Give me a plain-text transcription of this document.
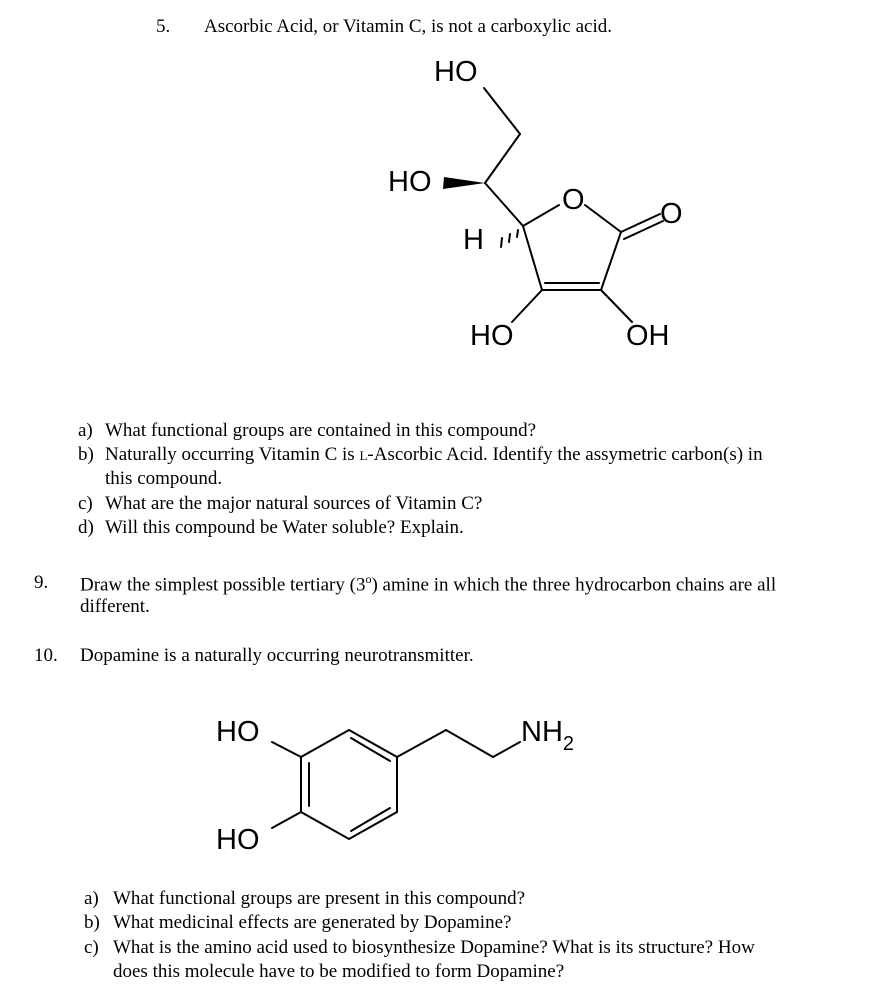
5. Ascorbic Acid, or Vitamin C, is not a carboxylic acid.
HO
HO
H
O	O
HO	OH
a) What functional groups are contained in this compound?
b) Naturally occurring Vitamin C is l-Ascorbic Acid. Identify the assymetric carbon(s) in
this compound.
c) What are the major natural sources of Vitamin C?
d) Will this compound be Water soluble? Explain.
9. Draw the simplest possible tertiary (3$^o$) amine in which the three hydrocarbon chains are all
different.
10. Dopamine is a naturally occurring neurotransmitter.
HO
HO
$NH_2$
a) What functional groups are present in this compound?
b) What medicinal effects are generated by Dopamine?
c) What is the amino acid used to biosynthesize Dopamine? What is its structure? How
does this molecule have to be modified to form Dopamine?
